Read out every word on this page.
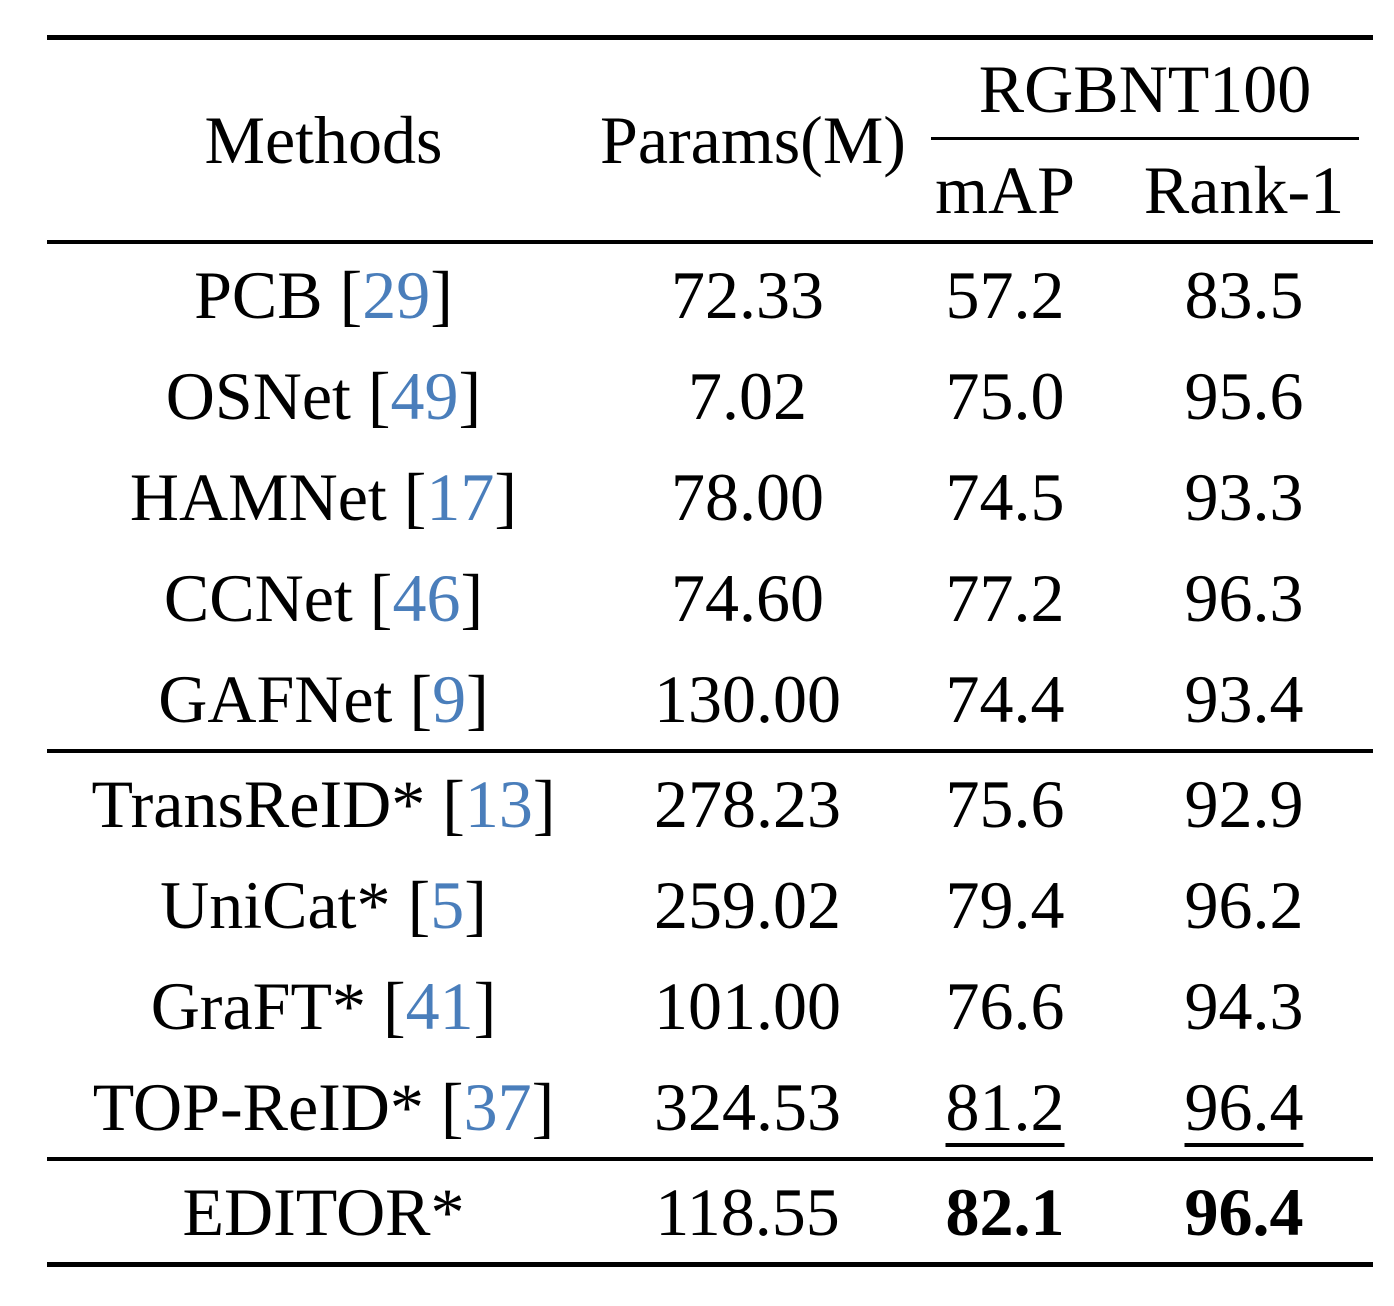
Methods	Params(M)	RGBNT100	

		mAP	Rank-1
PCB [29]	72.33	57.2	83.5
OSNet [49]	7.02	75.0	95.6
HAMNet [17]	78.00	74.5	93.3
CCNet [46]	74.60	77.2	96.3
GAFNet [9]	130.00	74.4	93.4
TransReID* [13]	278.23	75.6	92.9
UniCat* [5]	259.02	79.4	96.2
GraFT* [41]	101.00	76.6	94.3
TOP-ReID* [37]	324.53	81.2	96.4
EDITOR*	118.55	82.1	96.4
